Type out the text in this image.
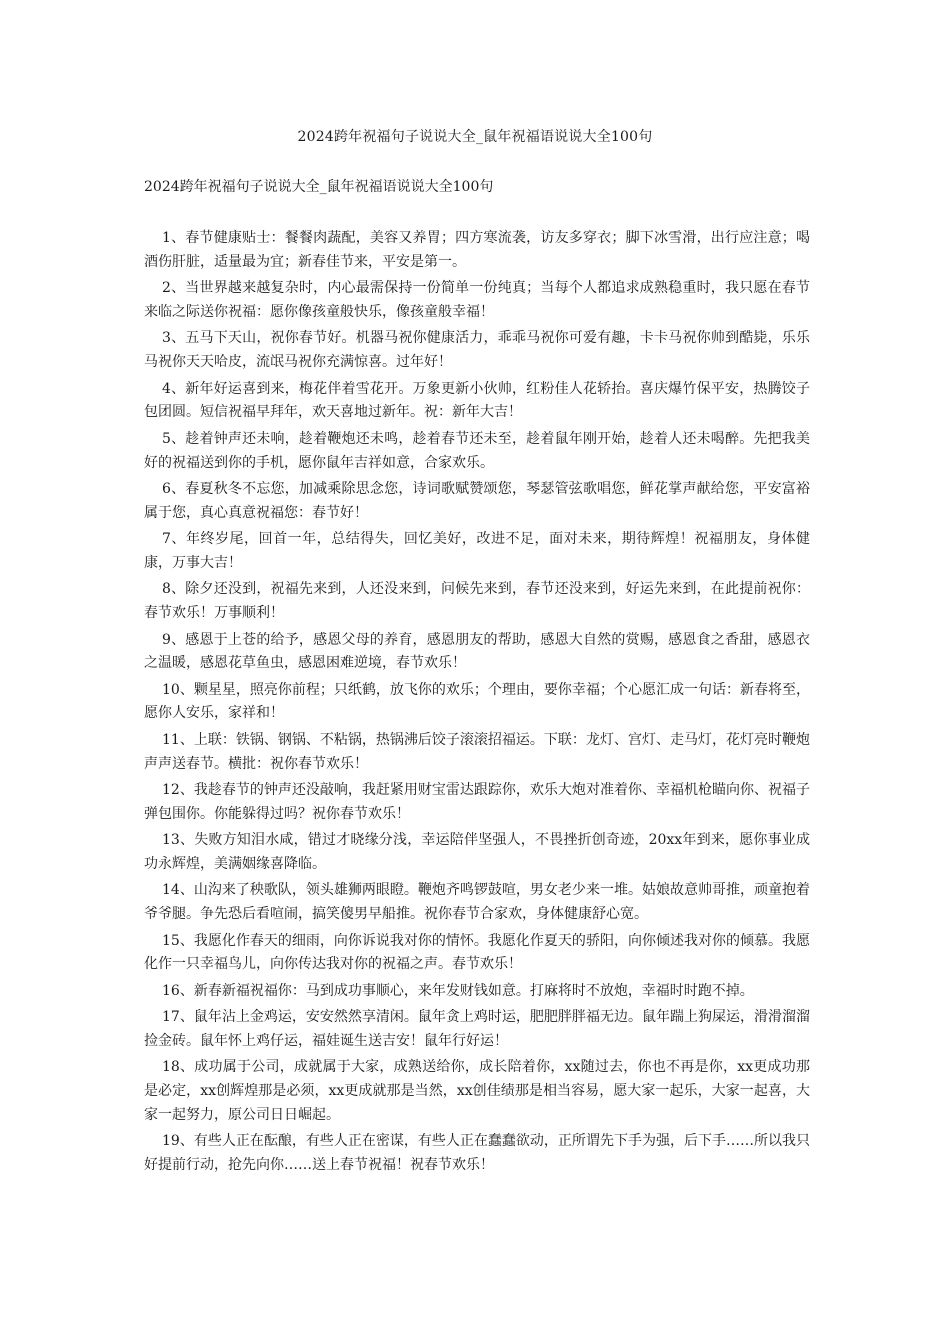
2024跨年祝福句子说说大全_鼠年祝福语说说大全100句
2024跨年祝福句子说说大全_鼠年祝福语说说大全100句

1、春节健康贴士：餐餐肉蔬配，美容又养胃；四方寒流袭，访友多穿衣；脚下冰雪滑，出行应注意；喝酒伤肝脏，适量最为宜；新春佳节来，平安是第一。

2、当世界越来越复杂时，内心最需保持一份简单一份纯真；当每个人都追求成熟稳重时，我只愿在春节来临之际送你祝福：愿你像孩童般快乐，像孩童般幸福！

3、五马下天山，祝你春节好。机器马祝你健康活力，乖乖马祝你可爱有趣，卡卡马祝你帅到酷毙，乐乐马祝你天天哈皮，流氓马祝你充满惊喜。过年好！

4、新年好运喜到来，梅花伴着雪花开。万象更新小伙帅，红粉佳人花轿抬。喜庆爆竹保平安，热腾饺子包团圆。短信祝福早拜年，欢天喜地过新年。祝：新年大吉！

5、趁着钟声还未响，趁着鞭炮还未鸣，趁着春节还未至，趁着鼠年刚开始，趁着人还未喝醉。先把我美好的祝福送到你的手机，愿你鼠年吉祥如意，合家欢乐。

6、春夏秋冬不忘您，加减乘除思念您，诗词歌赋赞颂您，琴瑟管弦歌唱您，鲜花掌声献给您，平安富裕属于您，真心真意祝福您：春节好！

7、年终岁尾，回首一年，总结得失，回忆美好，改进不足，面对未来，期待辉煌！祝福朋友，身体健康，万事大吉！

8、除夕还没到，祝福先来到，人还没来到，问候先来到，春节还没来到，好运先来到，在此提前祝你：春节欢乐！万事顺利！

9、感恩于上苍的给予，感恩父母的养育，感恩朋友的帮助，感恩大自然的赏赐，感恩食之香甜，感恩衣之温暖，感恩花草鱼虫，感恩困难逆境，春节欢乐！

10、颗星星，照亮你前程；只纸鹤，放飞你的欢乐；个理由，要你幸福；个心愿汇成一句话：新春将至，愿你人安乐，家祥和！

11、上联：铁锅、钢锅、不粘锅，热锅沸后饺子滚滚招福运。下联：龙灯、宫灯、走马灯，花灯亮时鞭炮声声送春节。横批：祝你春节欢乐！

12、我趁春节的钟声还没敲响，我赶紧用财宝雷达跟踪你，欢乐大炮对准着你、幸福机枪瞄向你、祝福子弹包围你。你能躲得过吗？祝你春节欢乐！

13、失败方知泪水咸，错过才晓缘分浅，幸运陪伴坚强人，不畏挫折创奇迹，20xx年到来，愿你事业成功永辉煌，美满姻缘喜降临。

14、山沟来了秧歌队，领头雄狮两眼瞪。鞭炮齐鸣锣鼓喧，男女老少来一堆。姑娘故意帅哥推，顽童抱着爷爷腿。争先恐后看喧闹，搞笑傻男早船推。祝你春节合家欢，身体健康舒心宽。

15、我愿化作春天的细雨，向你诉说我对你的情怀。我愿化作夏天的骄阳，向你倾述我对你的倾慕。我愿化作一只幸福鸟儿，向你传达我对你的祝福之声。春节欢乐！

16、新春新福祝福你：马到成功事顺心，来年发财钱如意。打麻将时不放炮，幸福时时跑不掉。

17、鼠年沾上金鸡运，安安然然享清闲。鼠年贪上鸡时运，肥肥胖胖福无边。鼠年踹上狗屎运，滑滑溜溜捡金砖。鼠年怀上鸡仔运，福娃诞生送吉安！鼠年行好运！

18、成功属于公司，成就属于大家，成熟送给你，成长陪着你，xx随过去，你也不再是你，xx更成功那是必定，xx创辉煌那是必须，xx更成就那是当然，xx创佳绩那是相当容易，愿大家一起乐，大家一起喜，大家一起努力，原公司日日崛起。

19、有些人正在酝酿，有些人正在密谋，有些人正在蠢蠢欲动，正所谓先下手为强，后下手……所以我只好提前行动，抢先向你……送上春节祝福！祝春节欢乐！
